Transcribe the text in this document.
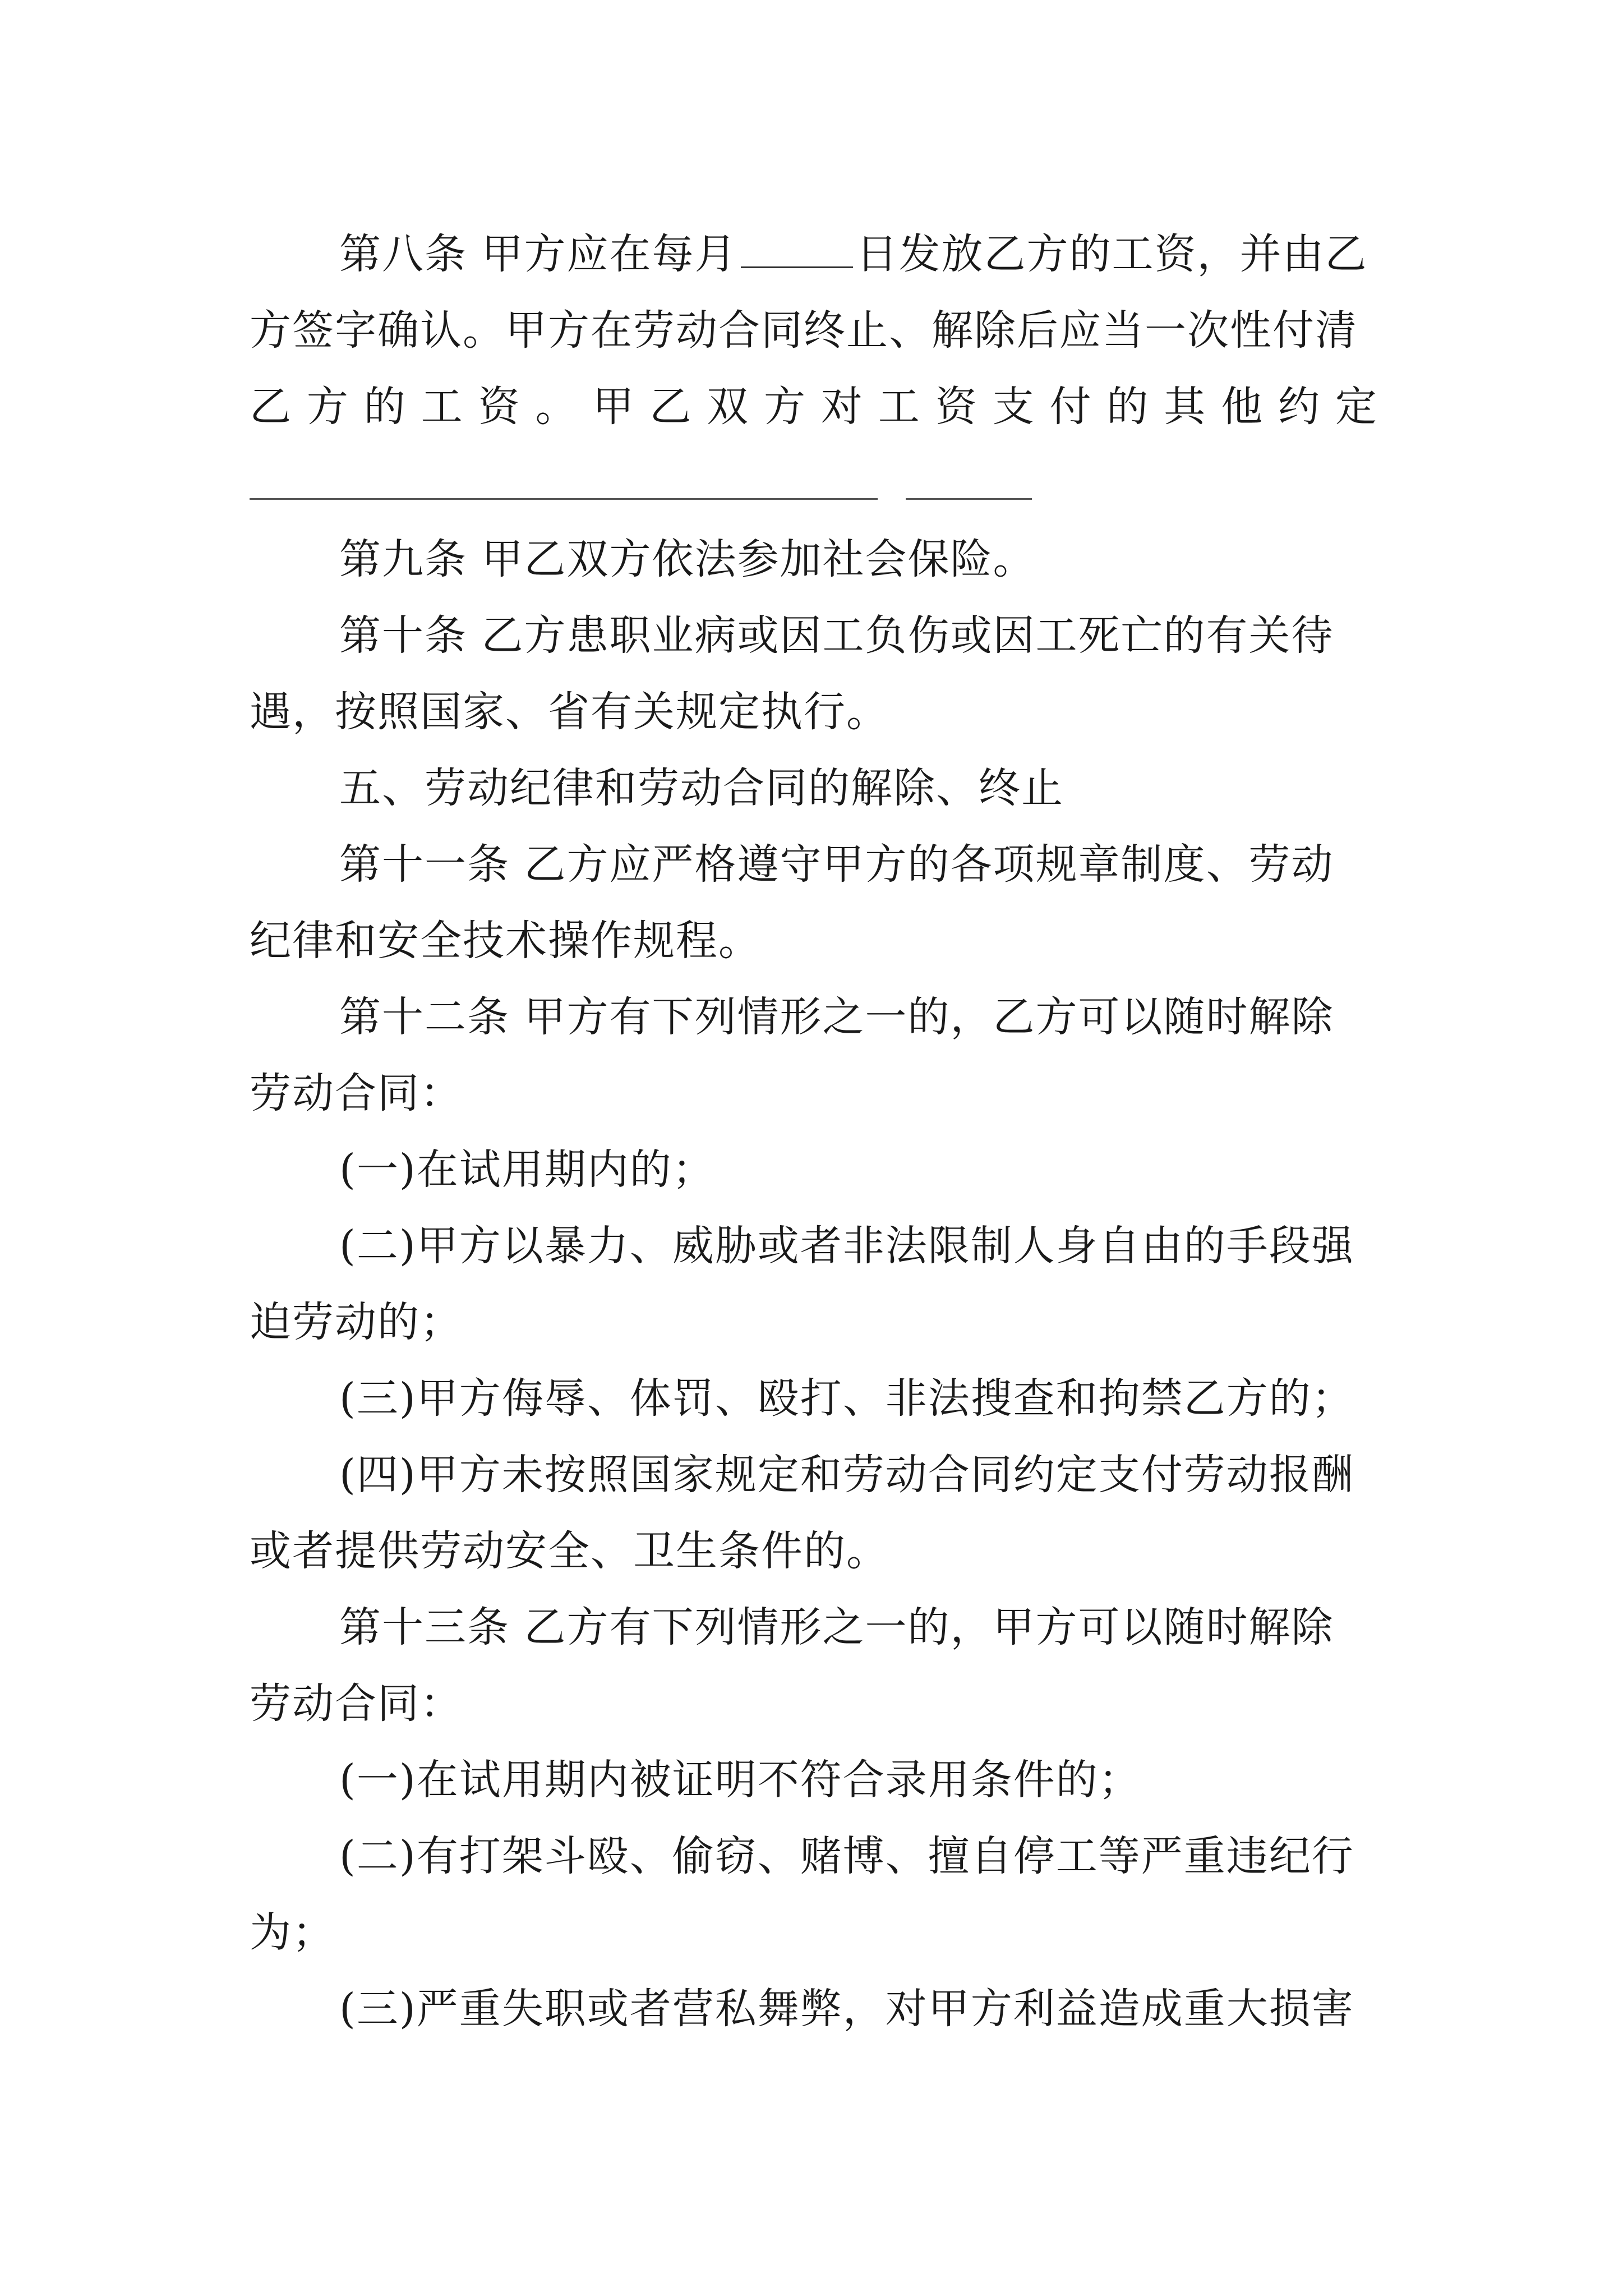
第八条 甲方应在每月	日发放乙方的工资，并由乙
方签字确认。甲方在劳动合同终止、解除后应当一次性付清
乙 方 的 工 资 。 甲 乙 双 方 对 工 资 支 付 的 其 他 约 定
第九条 甲乙双方依法参加社会保险。
第十条 乙方患职业病或因工负伤或因工死亡的有关待
遇，按照国家、省有关规定执行。
五、劳动纪律和劳动合同的解除、终止
第十一条 乙方应严格遵守甲方的各项规章制度、劳动
纪律和安全技术操作规程。
第十二条 甲方有下列情形之一的，乙方可以随时解除
劳动合同：
(一)在试用期内的；
(二)甲方以暴力、威胁或者非法限制人身自由的手段强
迫劳动的；
(三)甲方侮辱、体罚、殴打、非法搜查和拘禁乙方的；
(四)甲方未按照国家规定和劳动合同约定支付劳动报酬
或者提供劳动安全、卫生条件的。
第十三条 乙方有下列情形之一的，甲方可以随时解除
劳动合同：
(一)在试用期内被证明不符合录用条件的；
(二)有打架斗殴、偷窃、赌博、擅自停工等严重违纪行
为；
(三)严重失职或者营私舞弊，对甲方利益造成重大损害
